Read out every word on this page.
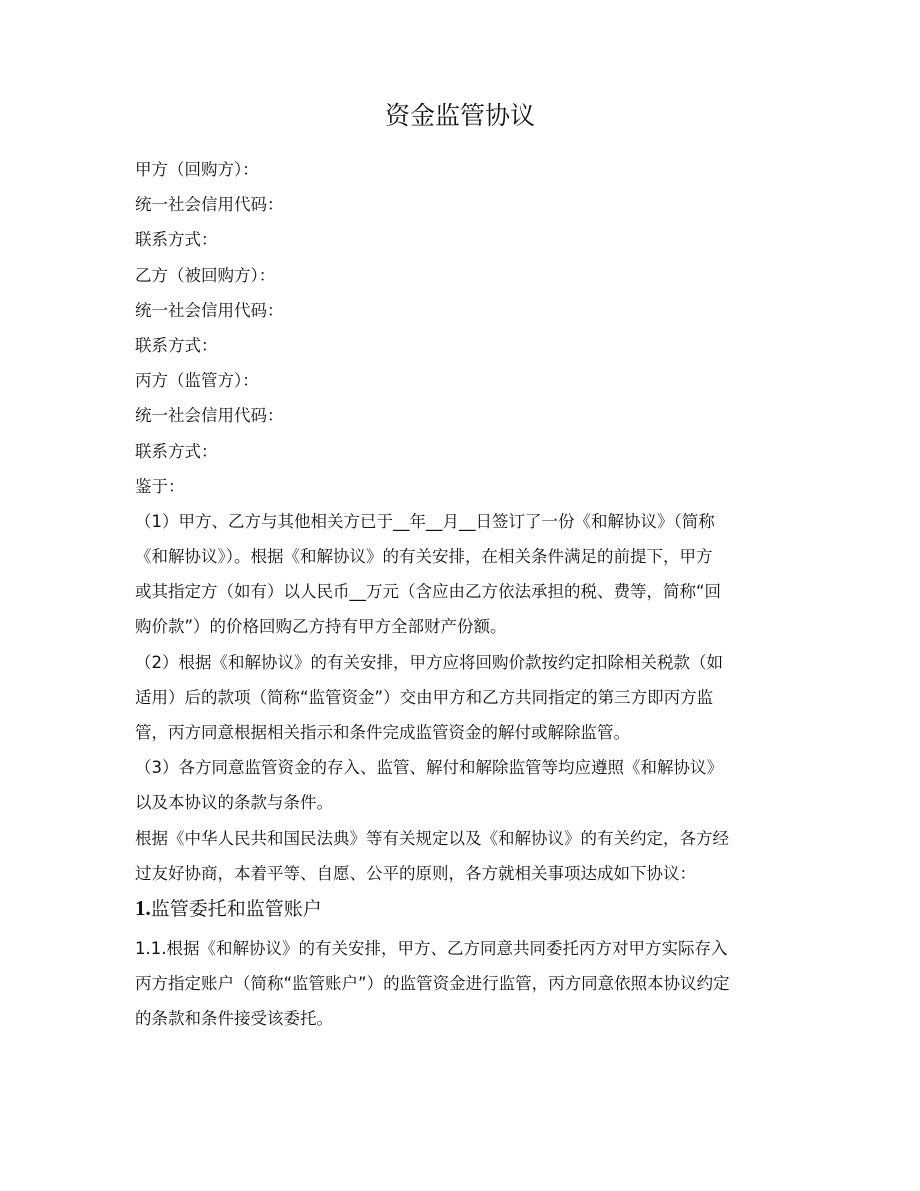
资金监管协议
甲方（回购方）：
统一社会信用代码：
联系方式：
乙方（被回购方）：
统一社会信用代码：
联系方式：
丙方（监管方）：
统一社会信用代码：
联系方式：
鉴于：
（1）甲方、乙方与其他相关方已于__年__月__日签订了一份《和解协议》（简称
《和解协议》）。根据《和解协议》的有关安排，在相关条件满足的前提下，甲方
或其指定方（如有）以人民币__万元（含应由乙方依法承担的税、费等，简称“回
购价款”）的价格回购乙方持有甲方全部财产份额。
（2）根据《和解协议》的有关安排，甲方应将回购价款按约定扣除相关税款（如
适用）后的款项（简称“监管资金”）交由甲方和乙方共同指定的第三方即丙方监
管，丙方同意根据相关指示和条件完成监管资金的解付或解除监管。
（3）各方同意监管资金的存入、监管、解付和解除监管等均应遵照《和解协议》
以及本协议的条款与条件。
根据《中华人民共和国民法典》等有关规定以及《和解协议》的有关约定，各方经
过友好协商，本着平等、自愿、公平的原则，各方就相关事项达成如下协议：
1.监管委托和监管账户
1.1.根据《和解协议》的有关安排，甲方、乙方同意共同委托丙方对甲方实际存入
丙方指定账户（简称“监管账户”）的监管资金进行监管，丙方同意依照本协议约定
的条款和条件接受该委托。
